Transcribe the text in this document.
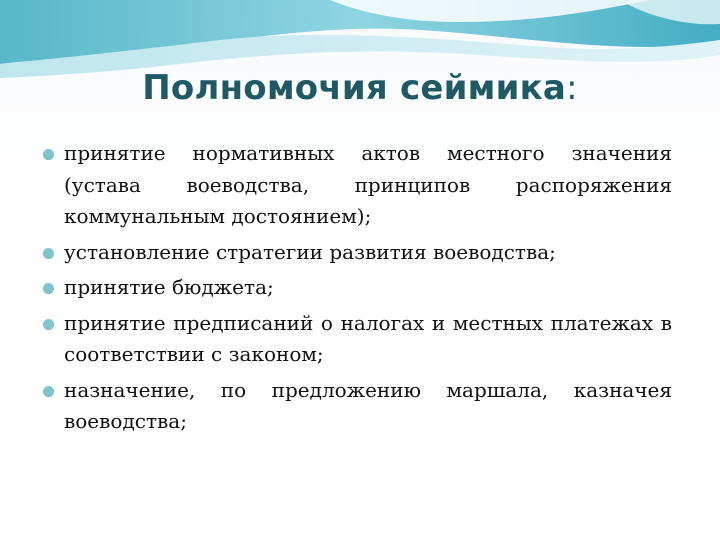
Полномочия сеймика:
принятие нормативных актов местного значения (устава воеводства, принципов распоряжения коммунальным достоянием);
установление стратегии развития воеводства;
принятие бюджета;
принятие предписаний о налогах и местных платежах в соответствии с законом;
назначение, по предложению маршала, казначея воеводства;
